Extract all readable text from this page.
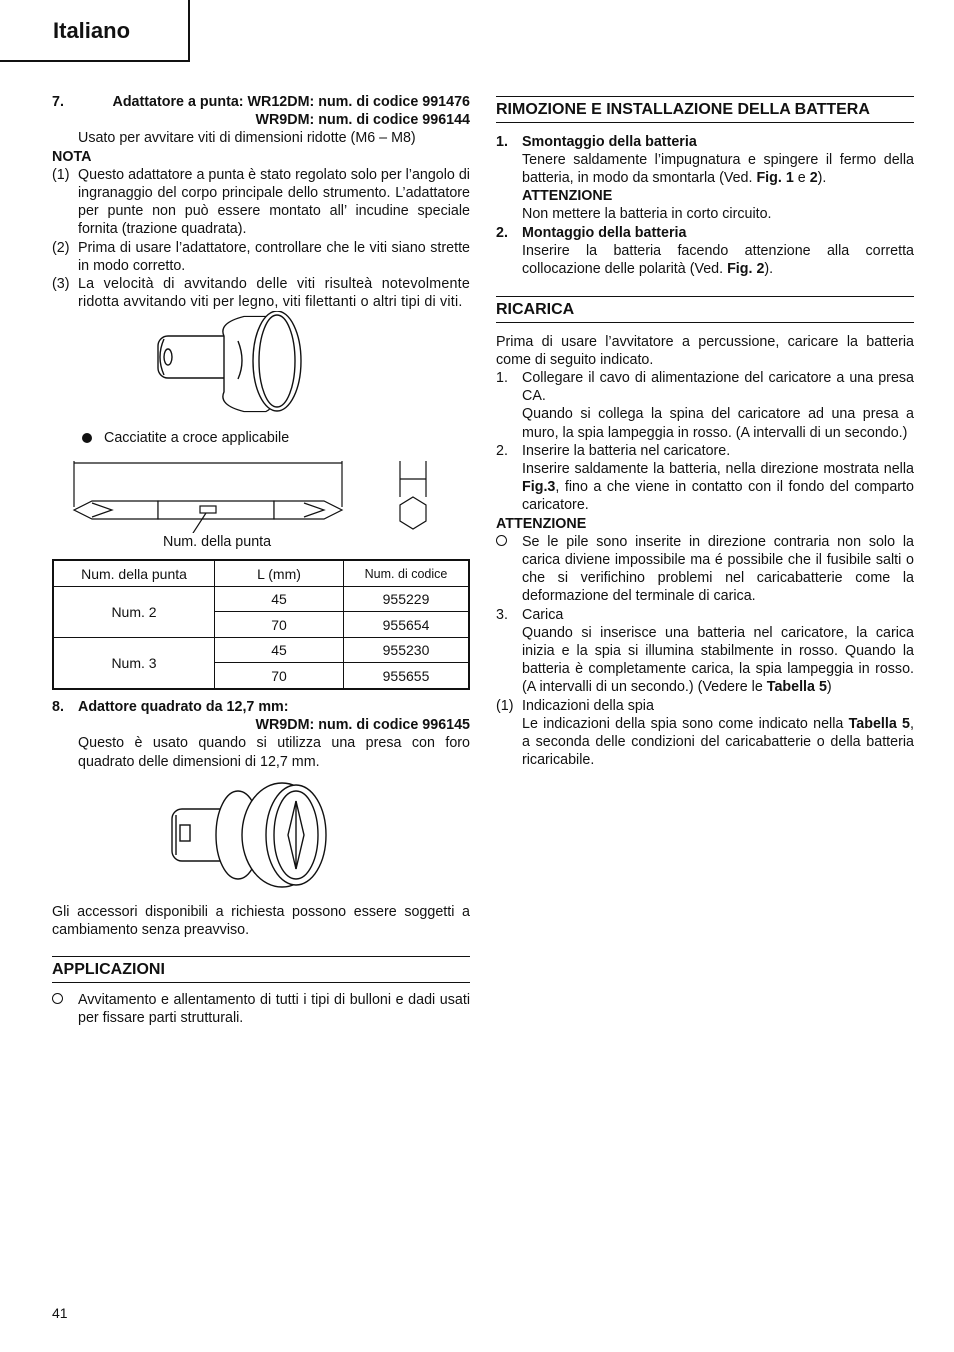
Italiano
7.	Adattatore a punta: WR12DM: num. di codice 991476
WR9DM: num. di codice 996144
Usato per avvitare viti di dimensioni ridotte (M6 – M8)
NOTA
(1) Questo adattatore a punta è stato regolato solo per l’angolo di ingranaggio del corpo principale dello strumento. L’adattatore per punte non può essere montato all’ incudine speciale fornita (trazione quadrata).
(2) Prima di usare l’adattatore, controllare che le viti siano strette in modo corretto.
(3) La velocità di avvitando delle viti risulteà notevolmente ridotta avvitando viti per legno, viti filettanti o altri tipi di viti.
Cacciatite a croce applicabile
Num. della punta
Num. della punta	L (mm)	Num. di codice
Num. 2	45	955229
	70	955654
Num. 3	45	955230
	70	955655
8. Adattore quadrato da 12,7 mm:
WR9DM: num. di codice 996145
Questo è usato quando si utilizza una presa con foro quadrato delle dimensioni di 12,7 mm.
Gli accessori disponibili a richiesta possono essere soggetti a cambiamento senza preavviso.
APPLICAZIONI
Avvitamento e allentamento di tutti i tipi di bulloni e dadi usati per fissare parti strutturali.
RIMOZIONE E INSTALLAZIONE DELLA BATTERA
1. Smontaggio della batteria
Tenere saldamente l’impugnatura e spingere il fermo della batteria, in modo da smontarla (Ved. Fig. 1 e 2).
ATTENZIONE
Non mettere la batteria in corto circuito.
2. Montaggio della batteria
Inserire la batteria facendo attenzione alla corretta collocazione delle polarità (Ved. Fig. 2).
RICARICA
Prima di usare l’avvitatore a percussione, caricare la batteria come di seguito indicato.
1. Collegare il cavo di alimentazione del caricatore a una presa CA.
Quando si collega la spina del caricatore ad una presa a muro, la spia lampeggia in rosso. (A intervalli di un secondo.)
2. Inserire la batteria nel caricatore.
Inserire saldamente la batteria, nella direzione mostrata nella Fig.3, fino a che viene in contatto con il fondo del comparto caricatore.
ATTENZIONE
Se le pile sono inserite in direzione contraria non solo la carica diviene impossibile ma é possibile che il fusibile salti o che si verifichino problemi nel caricabatterie come la deformazione del terminale di carica.
3. Carica
Quando si inserisce una batteria nel caricatore, la carica inizia e la spia si illumina stabilmente in rosso. Quando la batteria è completamente carica, la spia lampeggia in rosso. (A intervalli di un secondo.) (Vedere le Tabella 5)
(1) Indicazioni della spia
Le indicazioni della spia sono come indicato nella Tabella 5, a seconda delle condizioni del caricabatterie o della batteria ricaricabile.
41
